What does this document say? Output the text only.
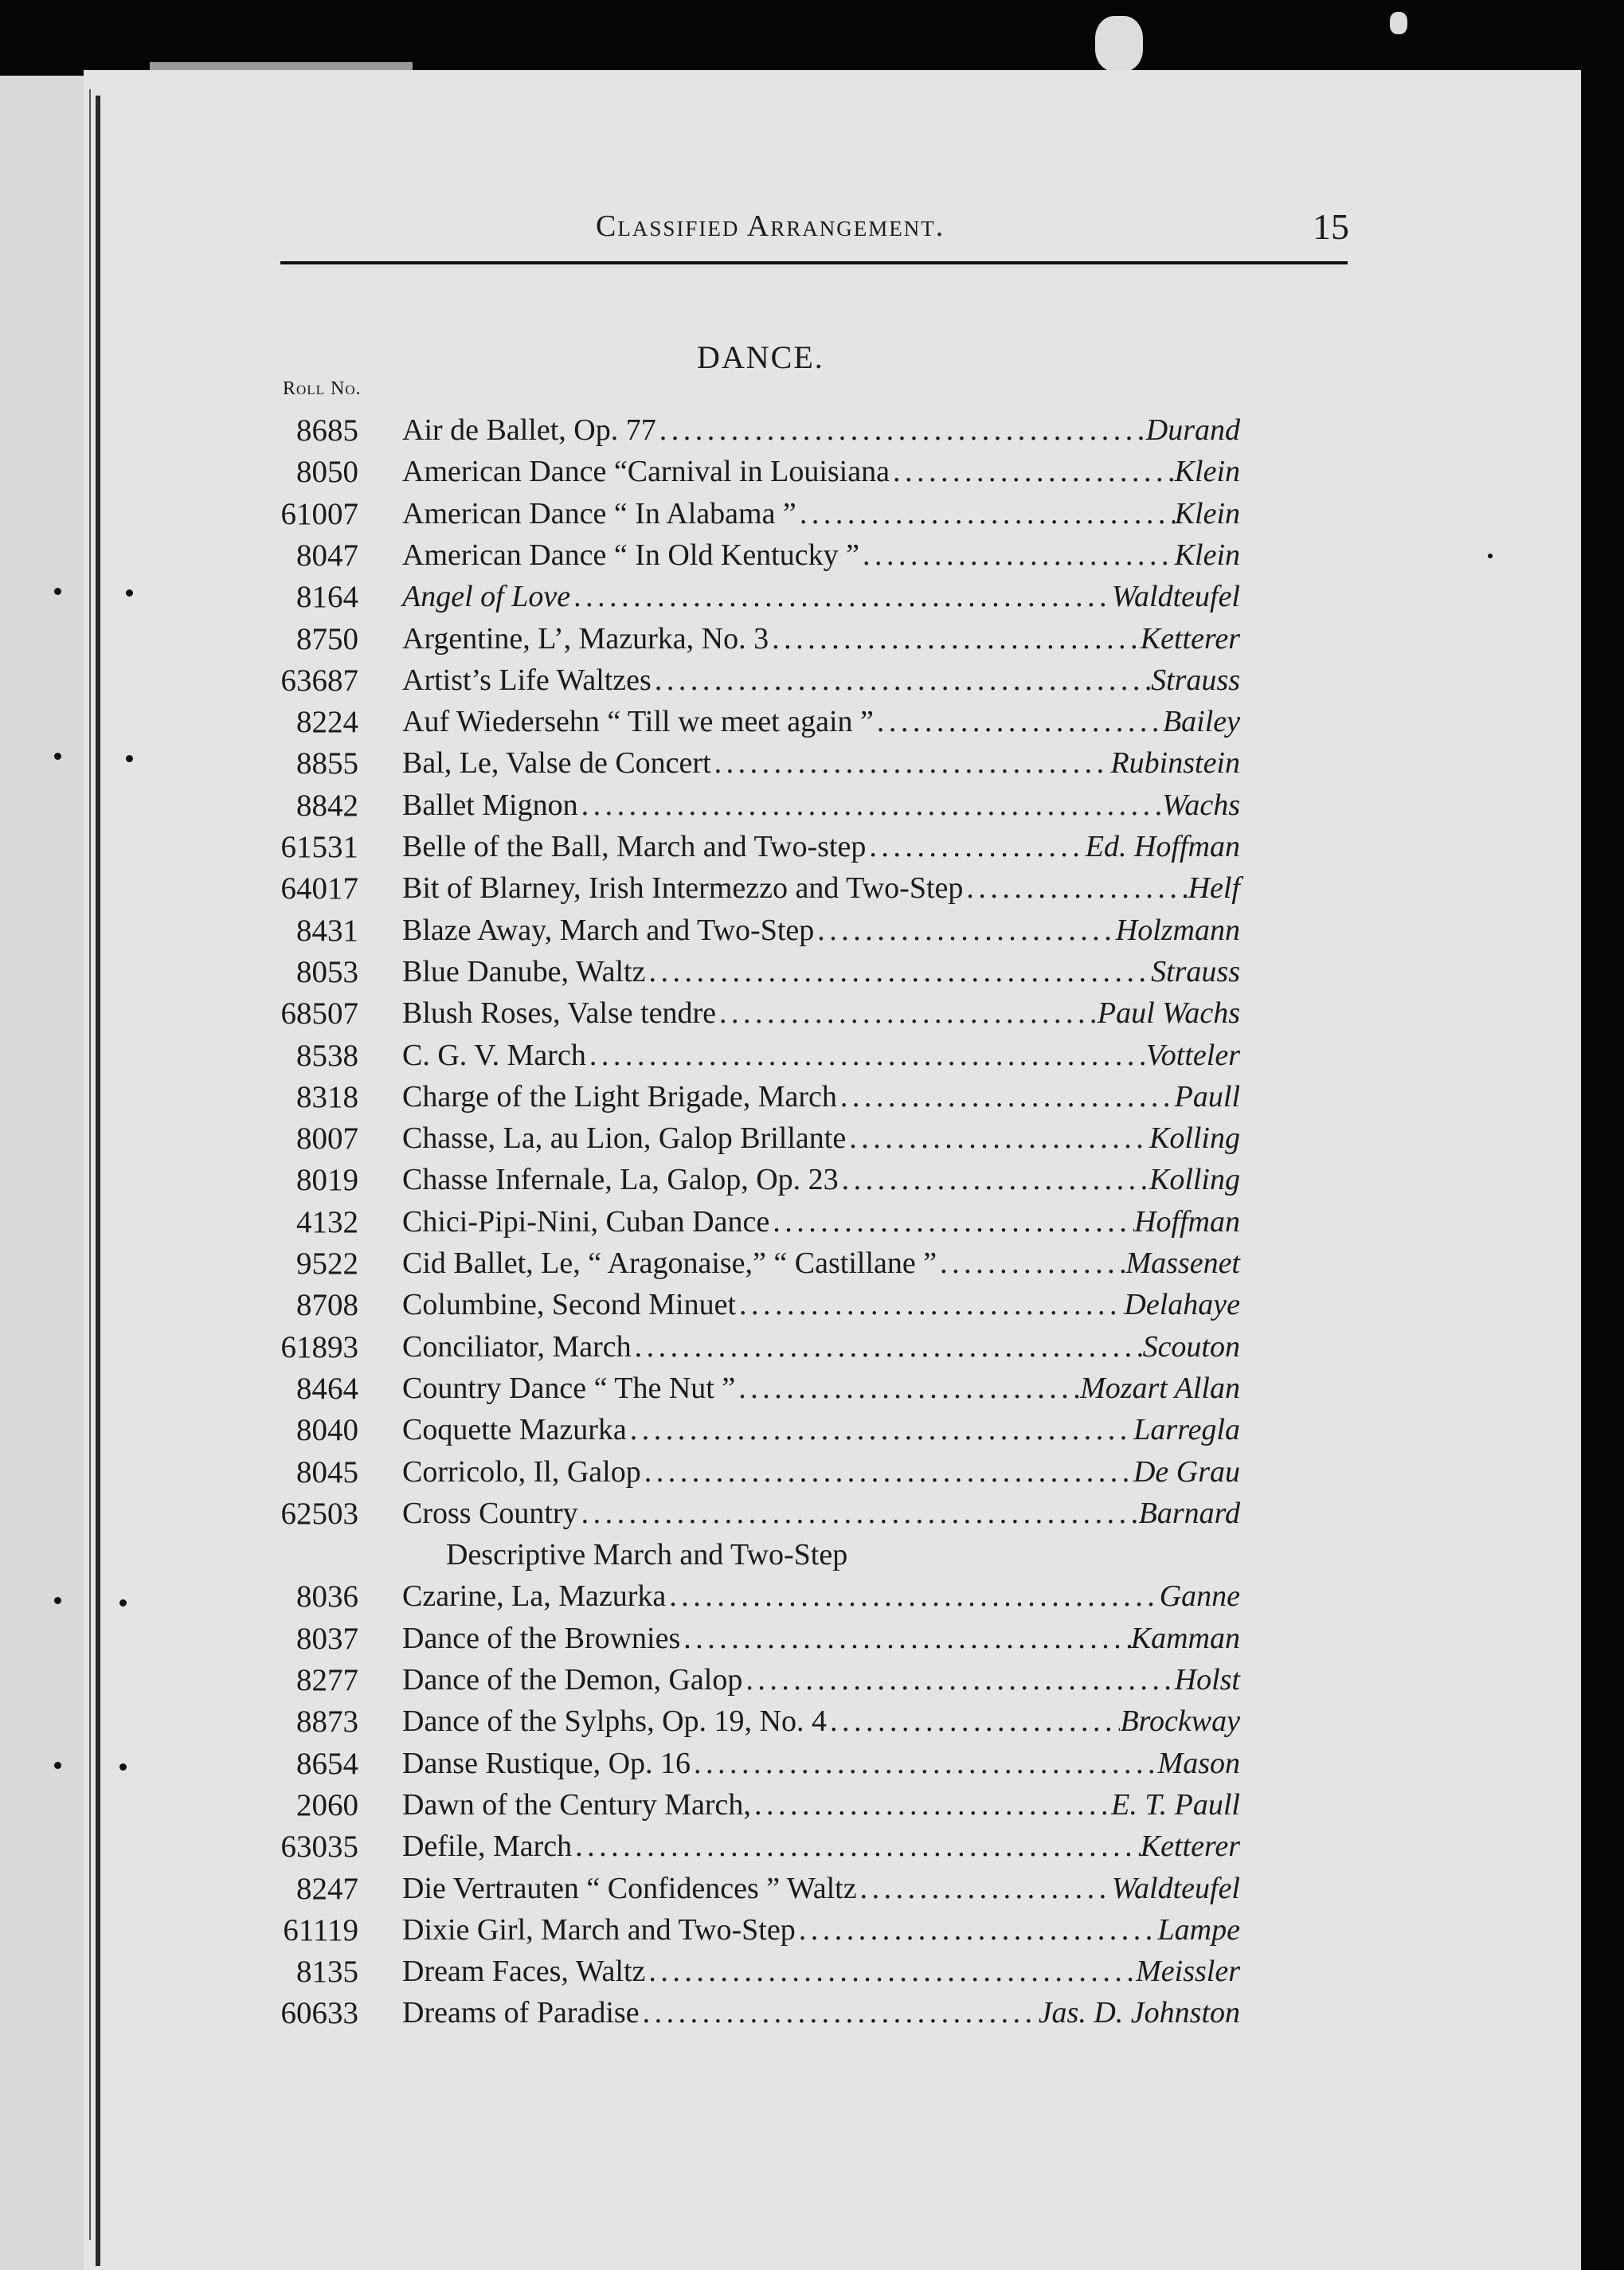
Classified Arrangement.	15
DANCE.
Roll No.
8685 Air de Ballet, Op. 77 . . .	Durand
8050 American Dance “Carnival in Louisiana . . .	Klein
61007 American Dance “ In Alabama ” . . .	Klein
8047 American Dance “ In Old Kentucky ” . . .	Klein
8164 Angel of Love . . .	Waldteufel
8750 Argentine, L’, Mazurka, No. 3 . . .	Ketterer
63687 Artist’s Life Waltzes . . .	Strauss
8224 Auf Wiedersehn “ Till we meet again ” . . .	Bailey
8855 Bal, Le, Valse de Concert . . .	Rubinstein
8842 Ballet Mignon . . .	Wachs
61531 Belle of the Ball, March and Two-step . . .	Ed. Hoffman
64017 Bit of Blarney, Irish Intermezzo and Two-Step . . .	Helf
8431 Blaze Away, March and Two-Step . . .	Holzmann
8053 Blue Danube, Waltz . . .	Strauss
68507 Blush Roses, Valse tendre . . .	Paul Wachs
8538 C. G. V. March . . .	Votteler
8318 Charge of the Light Brigade, March . . .	Paull
8007 Chasse, La, au Lion, Galop Brillante . . .	Kolling
8019 Chasse Infernale, La, Galop, Op. 23 . . .	Kolling
4132 Chici-Pipi-Nini, Cuban Dance . . .	Hoffman
9522 Cid Ballet, Le, “ Aragonaise,” “ Castillane ” . . .	Massenet
8708 Columbine, Second Minuet . . .	Delahaye
61893 Conciliator, March . . .	Scouton
8464 Country Dance “ The Nut ” . . .	Mozart Allan
8040 Coquette Mazurka . . .	Larregla
8045 Corricolo, Il, Galop . . .	De Grau
62503 Cross Country . . .	Barnard
Descriptive March and Two-Step
8036 Czarine, La, Mazurka . . .	Ganne
8037 Dance of the Brownies . . .	Kamman
8277 Dance of the Demon, Galop . . .	Holst
8873 Dance of the Sylphs, Op. 19, No. 4 . . .	Brockway
8654 Danse Rustique, Op. 16 . . .	Mason
2060 Dawn of the Century March, . . .	E. T. Paull
63035 Defile, March . . .	Ketterer
8247 Die Vertrauten “ Confidences ” Waltz . . .	Waldteufel
61119 Dixie Girl, March and Two-Step . . .	Lampe
8135 Dream Faces, Waltz . . .	Meissler
60633 Dreams of Paradise . . .	Jas. D. Johnston
